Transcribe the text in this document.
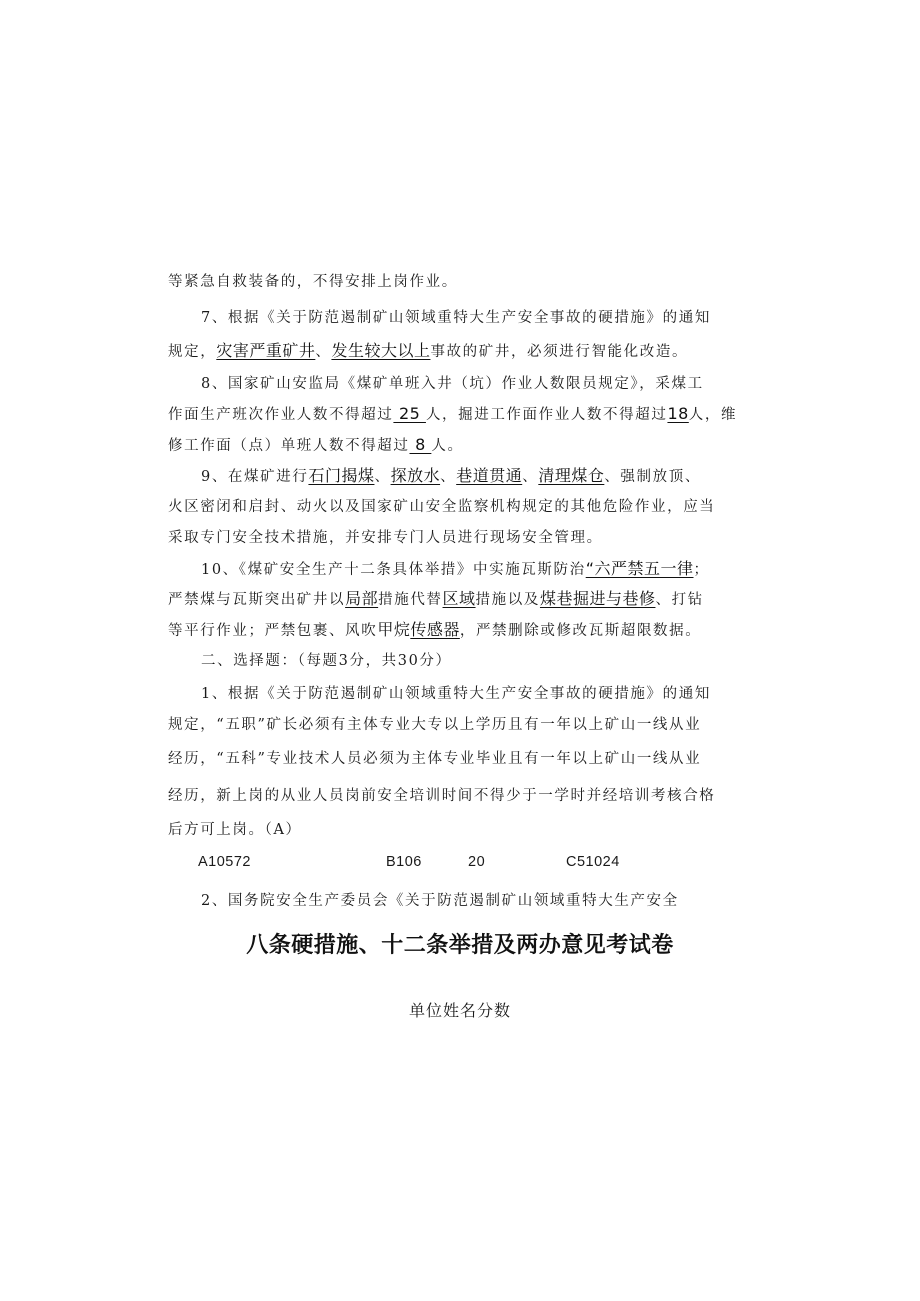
等紧急自救装备的，不得安排上岗作业。
7、根据《关于防范遏制矿山领域重特大生产安全事故的硬措施》的通知
规定，灾害严重矿井、发生较大以上事故的矿井，必须进行智能化改造。
8、国家矿山安监局《煤矿单班入井（坑）作业人数限员规定》，采煤工
作面生产班次作业人数不得超过 25 人，掘进工作面作业人数不得超过18人，维
修工作面（点）单班人数不得超过 8 人。
9、在煤矿进行石门揭煤、探放水、巷道贯通、清理煤仓、强制放顶、
火区密闭和启封、动火以及国家矿山安全监察机构规定的其他危险作业，应当
采取专门安全技术措施，并安排专门人员进行现场安全管理。
10、《煤矿安全生产十二条具体举措》中实施瓦斯防治“六严禁五一律；
严禁煤与瓦斯突出矿井以局部措施代替区域措施以及煤巷掘进与巷修、打钻
等平行作业；严禁包裹、风吹甲烷传感器，严禁删除或修改瓦斯超限数据。
二、选择题：（每题3分，共30分）
1、根据《关于防范遏制矿山领域重特大生产安全事故的硬措施》的通知
规定，“五职”矿长必须有主体专业大专以上学历且有一年以上矿山一线从业
经历，“五科”专业技术人员必须为主体专业毕业且有一年以上矿山一线从业
经历，新上岗的从业人员岗前安全培训时间不得少于一学时并经培训考核合格
后方可上岗。（A）
A10572	B106	20	C51024
2、国务院安全生产委员会《关于防范遏制矿山领域重特大生产安全
八条硬措施、十二条举措及两办意见考试卷
单位姓名分数
